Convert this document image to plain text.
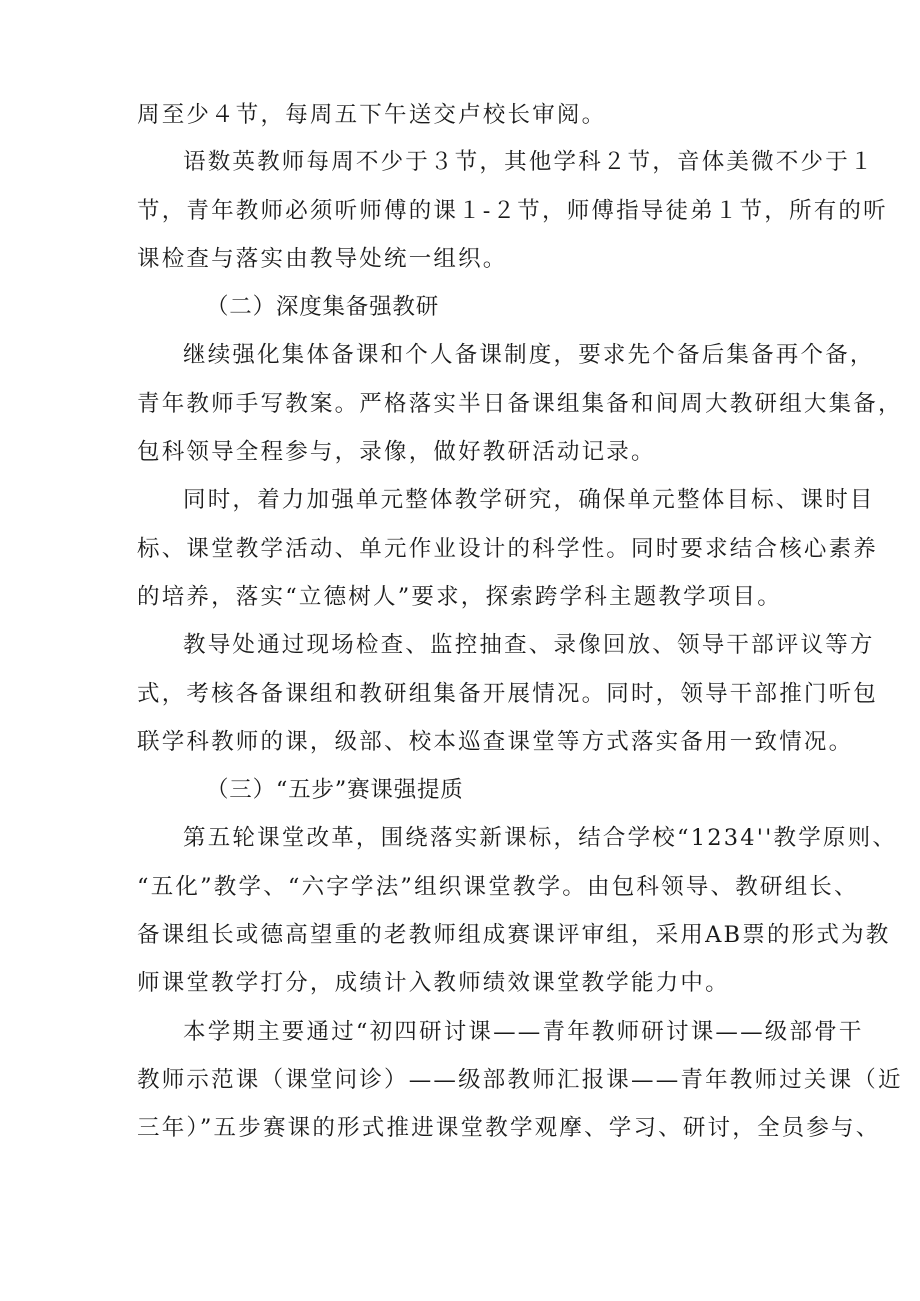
周至少４节，每周五下午送交卢校长审阅。
语数英教师每周不少于３节，其他学科２节，音体美微不少于１
节，青年教师必须听师傅的课１-２节，师傅指导徒弟１节，所有的听
课检查与落实由教导处统一组织。
（二）深度集备强教研
继续强化集体备课和个人备课制度，要求先个备后集备再个备，
青年教师手写教案。严格落实半日备课组集备和间周大教研组大集备，
包科领导全程参与，录像，做好教研活动记录。
同时，着力加强单元整体教学研究，确保单元整体目标、课时目
标、课堂教学活动、单元作业设计的科学性。同时要求结合核心素养
的培养，落实“立德树人”要求，探索跨学科主题教学项目。
教导处通过现场检查、监控抽查、录像回放、领导干部评议等方
式，考核各备课组和教研组集备开展情况。同时，领导干部推门听包
联学科教师的课，级部、校本巡查课堂等方式落实备用一致情况。
（三）“五步”赛课强提质
第五轮课堂改革，围绕落实新课标，结合学校“1234''教学原则、
“五化”教学、“六字学法”组织课堂教学。由包科领导、教研组长、
备课组长或德高望重的老教师组成赛课评审组，采用AB票的形式为教
师课堂教学打分，成绩计入教师绩效课堂教学能力中。
本学期主要通过“初四研讨课——青年教师研讨课——级部骨干
教师示范课（课堂问诊）——级部教师汇报课——青年教师过关课（近
三年）”五步赛课的形式推进课堂教学观摩、学习、研讨，全员参与、
